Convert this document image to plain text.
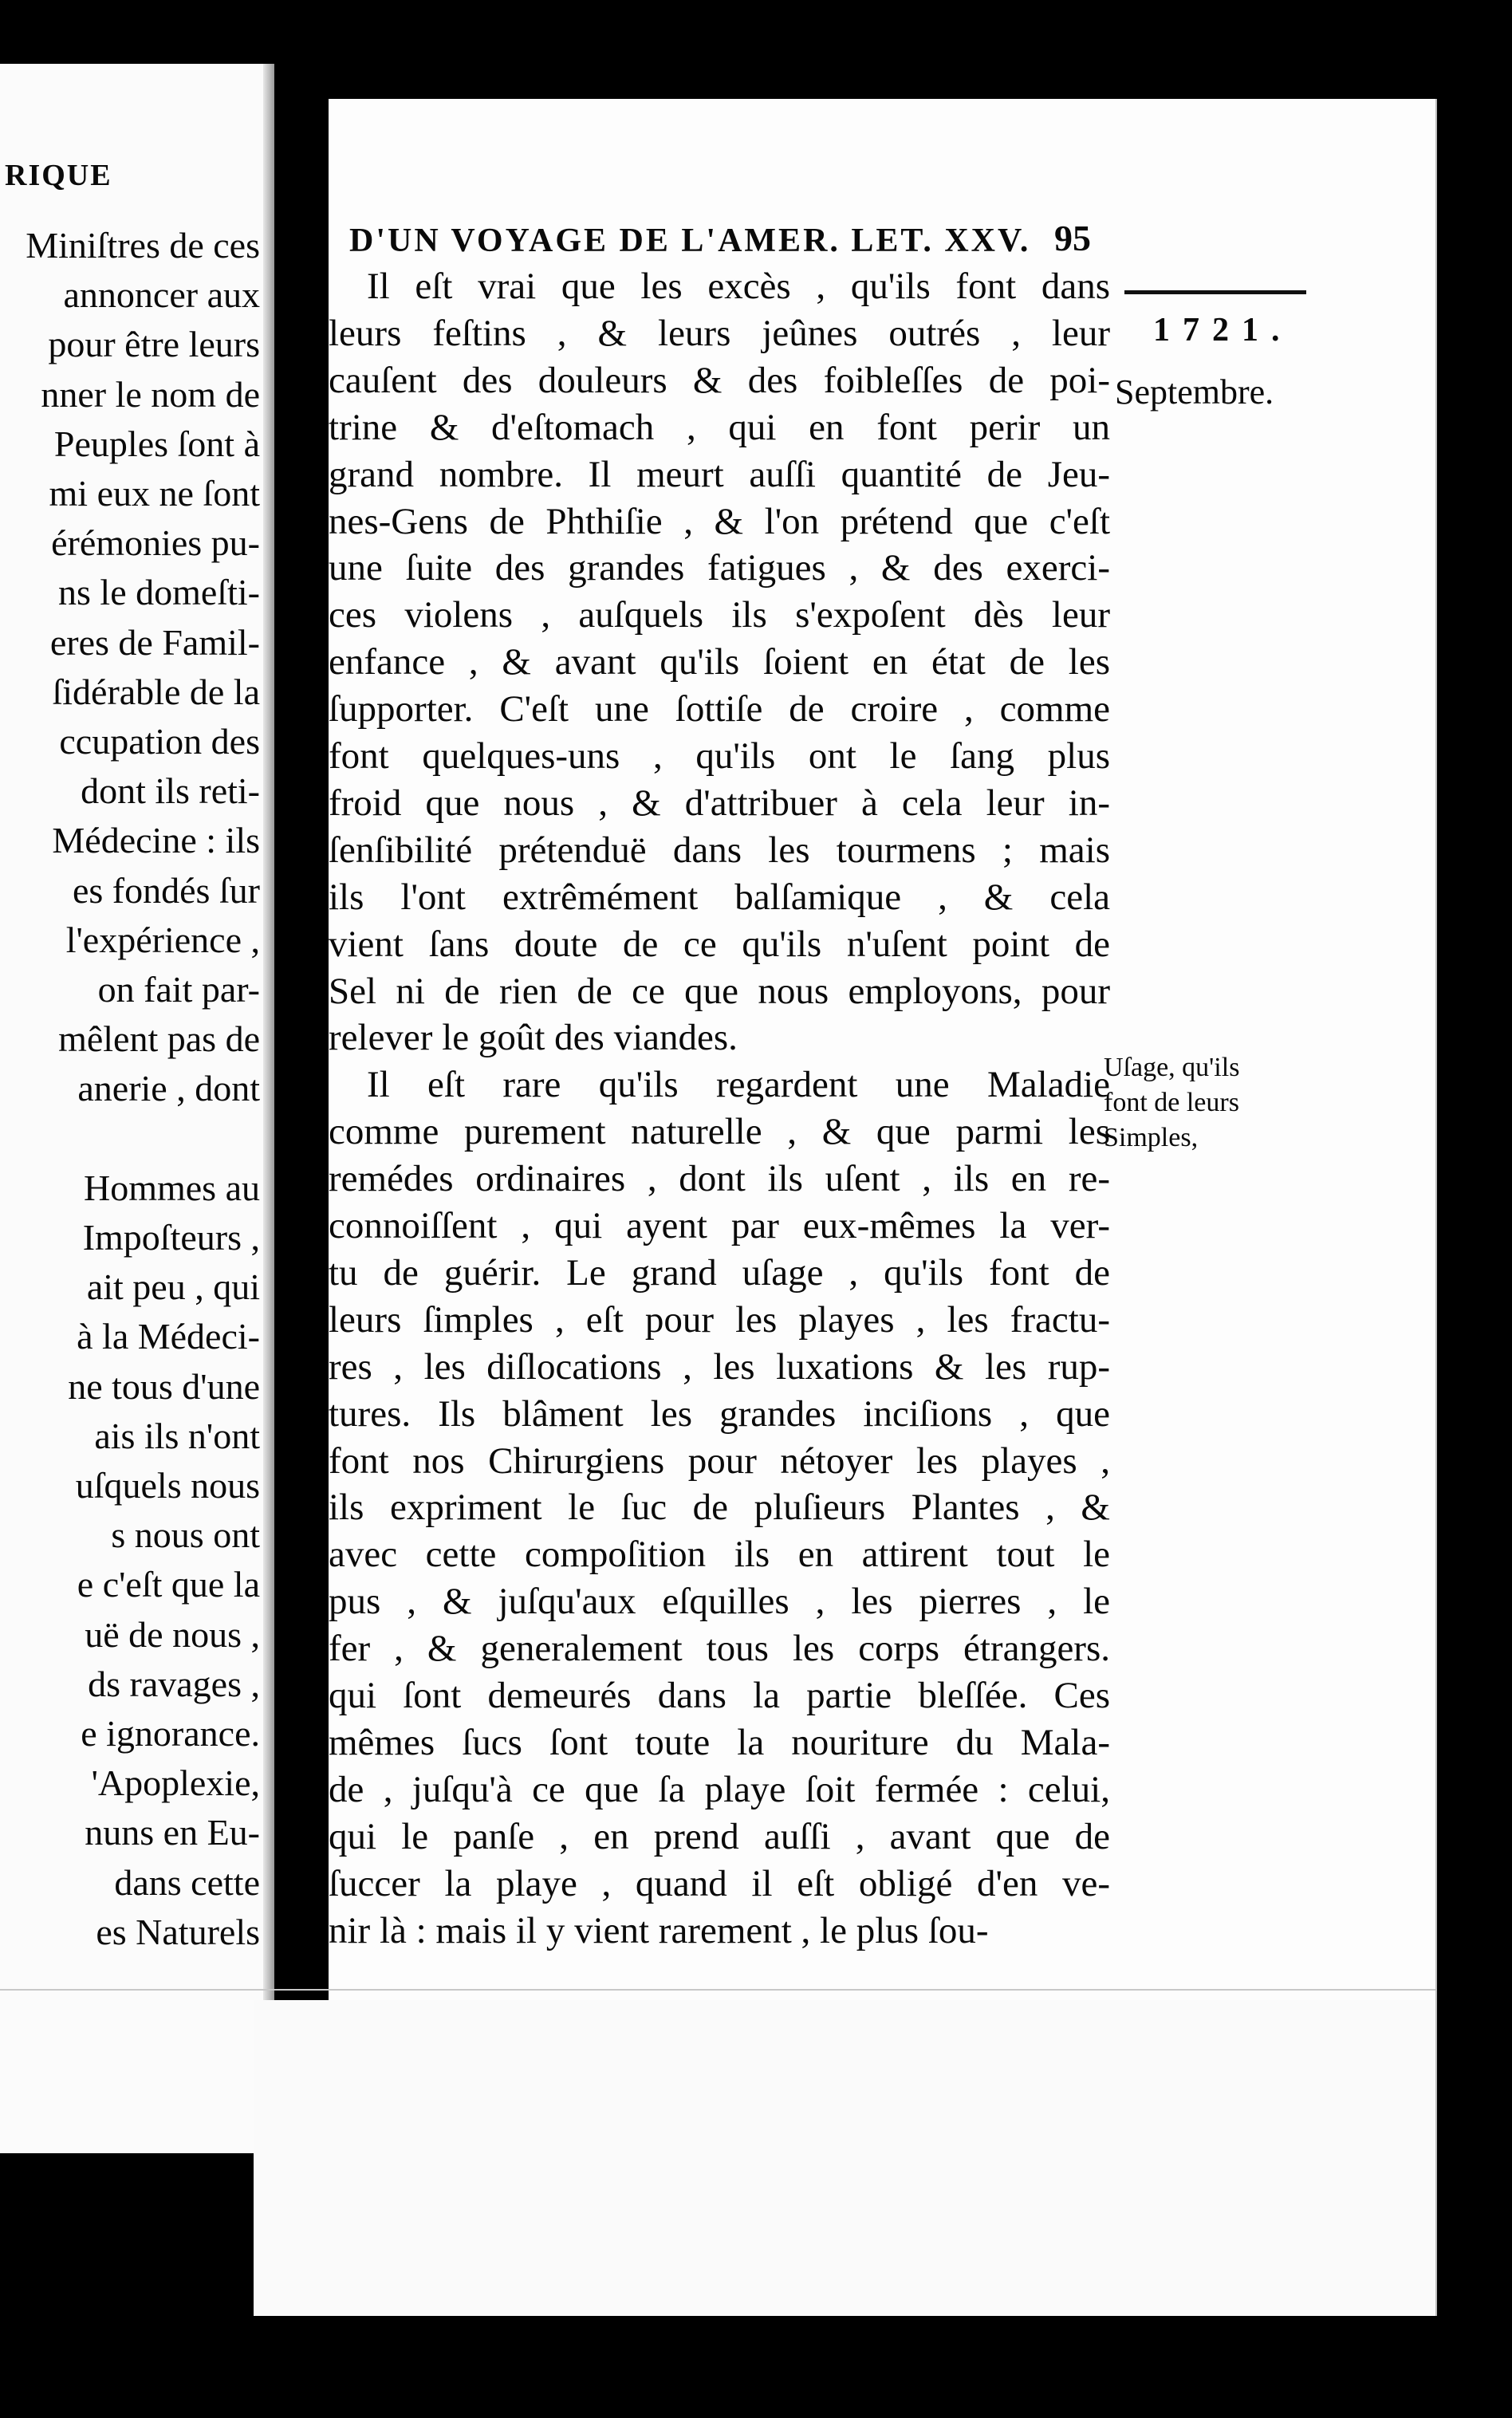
RIQUE
Miniſtres de ces
annoncer aux
pour être leurs
nner le nom de
Peuples ſont à
mi eux ne ſont
érémonies pu-
ns le domeſti-
eres de Famil-
ſidérable de la
ccupation des
dont ils reti-
Médecine : ils
es fondés ſur
l'expérience ,
on fait par-
mêlent pas de
anerie , dont
Hommes au
Impoſteurs ,
ait peu , qui
à la Médeci-
ne tous d'une
ais ils n'ont
uſquels nous
s nous ont
e c'eſt que la
uë de nous ,
ds ravages ,
e ignorance.
'Apoplexie,
nuns en Eu-
dans cette
es Naturels
D'UN VOYAGE DE L'AMER. LET. XXV. 95
1721.
Septembre.
Uſage, qu'ils
font de leurs
Simples,
Il eſt vrai que les excès , qu'ils font dans
leurs feſtins , & leurs jeûnes outrés , leur
cauſent des douleurs & des foibleſſes de poi-
trine & d'eſtomach , qui en font perir un
grand nombre. Il meurt auſſi quantité de Jeu-
nes-Gens de Phthiſie , & l'on prétend que c'eſt
une ſuite des grandes fatigues , & des exerci-
ces violens , auſquels ils s'expoſent dès leur
enfance , & avant qu'ils ſoient en état de les
ſupporter. C'eſt une ſottiſe de croire , comme
font quelques-uns , qu'ils ont le ſang plus
froid que nous , & d'attribuer à cela leur in-
ſenſibilité prétenduë dans les tourmens ; mais
ils l'ont extrêmément balſamique , & cela
vient ſans doute de ce qu'ils n'uſent point de
Sel ni de rien de ce que nous employons, pour
relever le goût des viandes.
Il eſt rare qu'ils regardent une Maladie
comme purement naturelle , & que parmi les
remédes ordinaires , dont ils uſent , ils en re-
connoiſſent , qui ayent par eux-mêmes la ver-
tu de guérir. Le grand uſage , qu'ils font de
leurs ſimples , eſt pour les playes , les fractu-
res , les diſlocations , les luxations & les rup-
tures. Ils blâment les grandes inciſions , que
font nos Chirurgiens pour nétoyer les playes ,
ils expriment le ſuc de pluſieurs Plantes , &
avec cette compoſition ils en attirent tout le
pus , & juſqu'aux eſquilles , les pierres , le
fer , & generalement tous les corps étrangers.
qui ſont demeurés dans la partie bleſſée. Ces
mêmes ſucs ſont toute la nouriture du Mala-
de , juſqu'à ce que ſa playe ſoit fermée : celui,
qui le panſe , en prend auſſi , avant que de
ſuccer la playe , quand il eſt obligé d'en ve-
nir là : mais il y vient rarement , le plus ſou-
